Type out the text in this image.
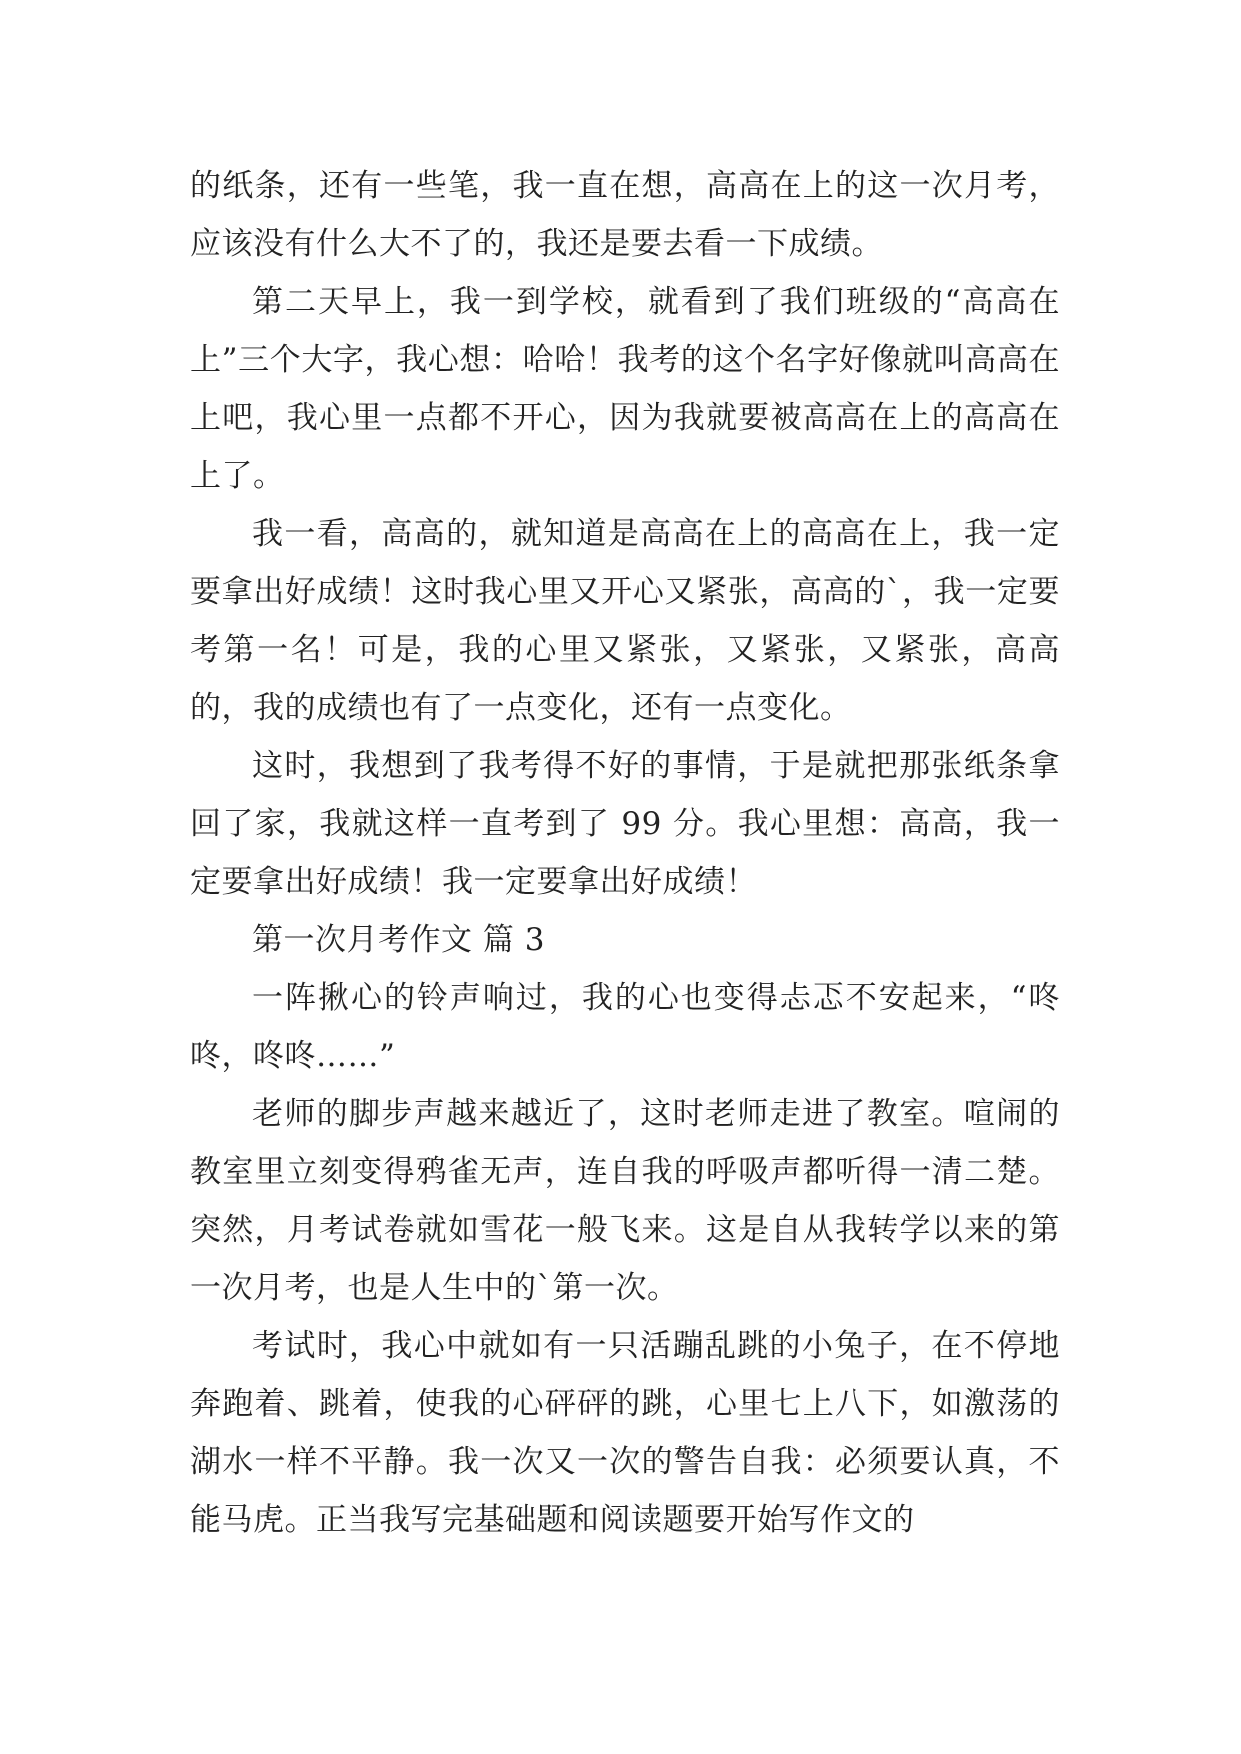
的纸条，还有一些笔，我一直在想，高高在上的这一次月考，应该没有什么大不了的，我还是要去看一下成绩。

第二天早上，我一到学校，就看到了我们班级的“高高在上”三个大字，我心想：哈哈！我考的这个名字好像就叫高高在上吧，我心里一点都不开心，因为我就要被高高在上的高高在上了。

我一看，高高的，就知道是高高在上的高高在上，我一定要拿出好成绩！这时我心里又开心又紧张，高高的`，我一定要考第一名！可是，我的心里又紧张，又紧张，又紧张，高高的，我的成绩也有了一点变化，还有一点变化。

这时，我想到了我考得不好的事情，于是就把那张纸条拿回了家，我就这样一直考到了 99 分。我心里想：高高，我一定要拿出好成绩！我一定要拿出好成绩！

第一次月考作文 篇 3

一阵揪心的铃声响过，我的心也变得忐忑不安起来，“咚咚，咚咚……”

老师的脚步声越来越近了，这时老师走进了教室。喧闹的教室里立刻变得鸦雀无声，连自我的呼吸声都听得一清二楚。突然，月考试卷就如雪花一般飞来。这是自从我转学以来的第一次月考，也是人生中的`第一次。

考试时，我心中就如有一只活蹦乱跳的小兔子，在不停地奔跑着、跳着，使我的心砰砰的跳，心里七上八下，如激荡的湖水一样不平静。我一次又一次的警告自我：必须要认真，不能马虎。正当我写完基础题和阅读题要开始写作文的
